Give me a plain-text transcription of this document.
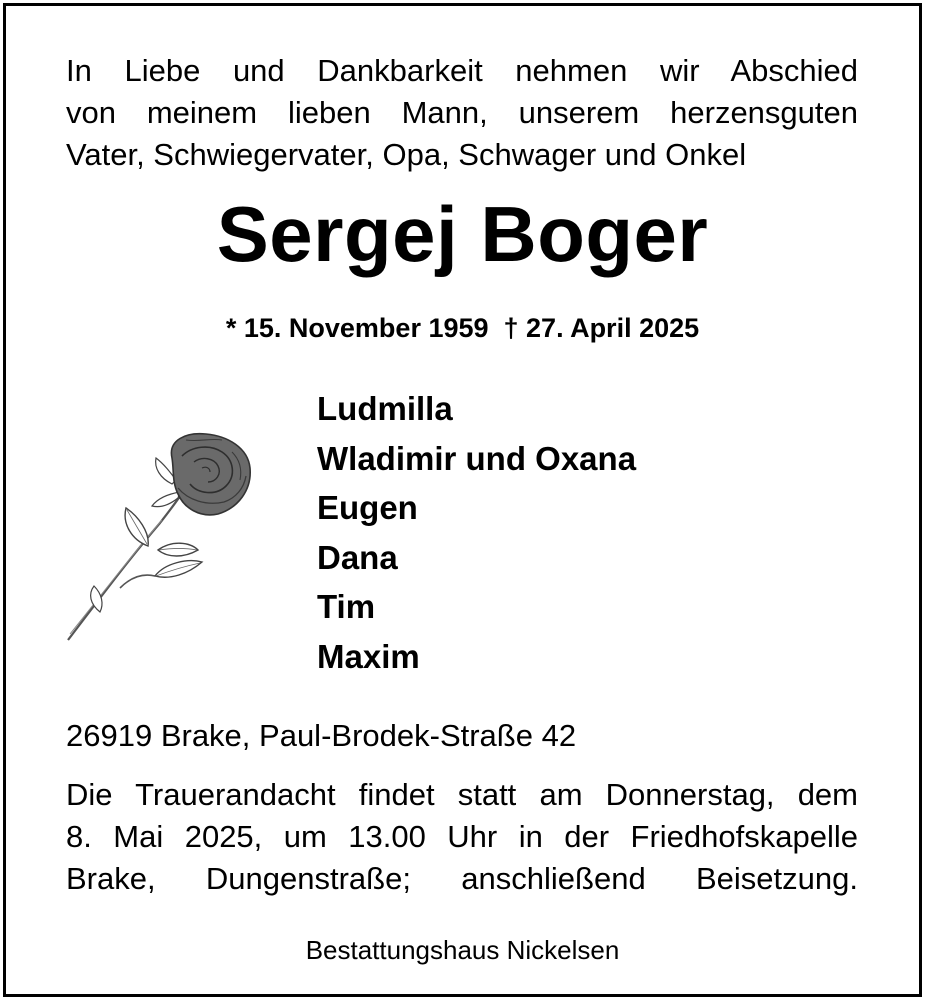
In Liebe und Dankbarkeit nehmen wir Abschied
von meinem lieben Mann, unserem herzensguten
Vater, Schwiegervater, Opa, Schwager und Onkel
Sergej Boger
* 15. November 1959  † 27. April 2025
Ludmilla
Wladimir und Oxana
Eugen
Dana
Tim
Maxim
26919 Brake, Paul-Brodek-Straße 42
Die Trauerandacht findet statt am Donnerstag, dem
8. Mai 2025, um 13.00 Uhr in der Friedhofskapelle
Brake, Dungenstraße; anschließend Beisetzung.
Bestattungshaus Nickelsen
